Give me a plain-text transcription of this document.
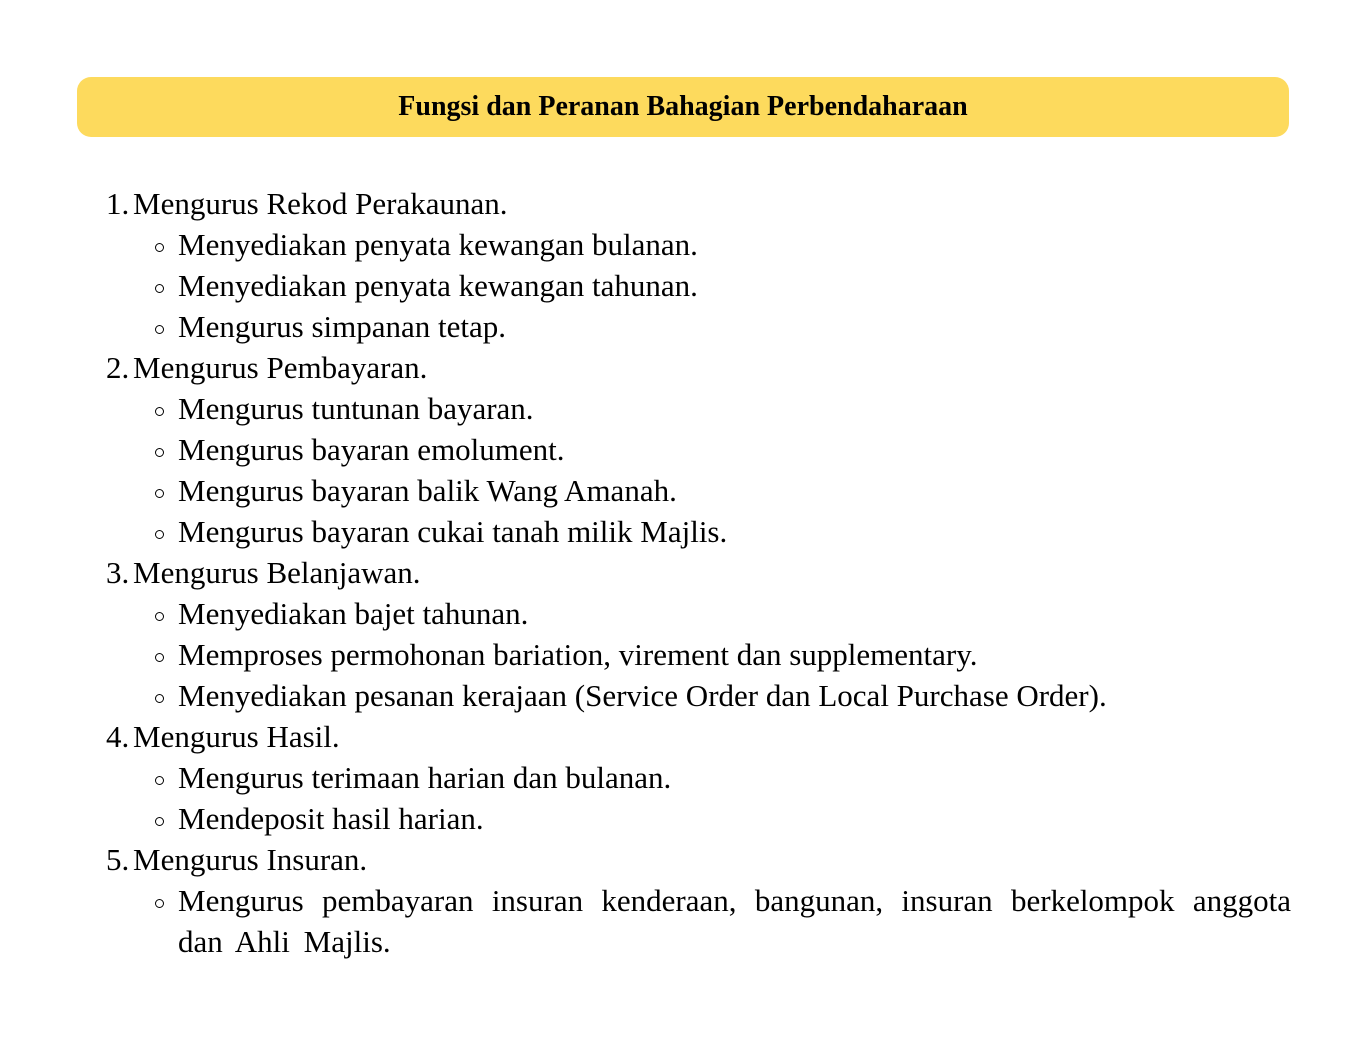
Fungsi dan Peranan Bahagian Perbendaharaan
1. Mengurus Rekod Perakaunan.
Menyediakan penyata kewangan bulanan.
Menyediakan penyata kewangan tahunan.
Mengurus simpanan tetap.
2. Mengurus Pembayaran.
Mengurus tuntunan bayaran.
Mengurus bayaran emolument.
Mengurus bayaran balik Wang Amanah.
Mengurus bayaran cukai tanah milik Majlis.
3. Mengurus Belanjawan.
Menyediakan bajet tahunan.
Memproses permohonan bariation, virement dan supplementary.
Menyediakan pesanan kerajaan (Service Order dan Local Purchase Order).
4. Mengurus Hasil.
Mengurus terimaan harian dan bulanan.
Mendeposit hasil harian.
5. Mengurus Insuran.
Mengurus pembayaran insuran kenderaan, bangunan, insuran berkelompok anggota dan Ahli Majlis.
